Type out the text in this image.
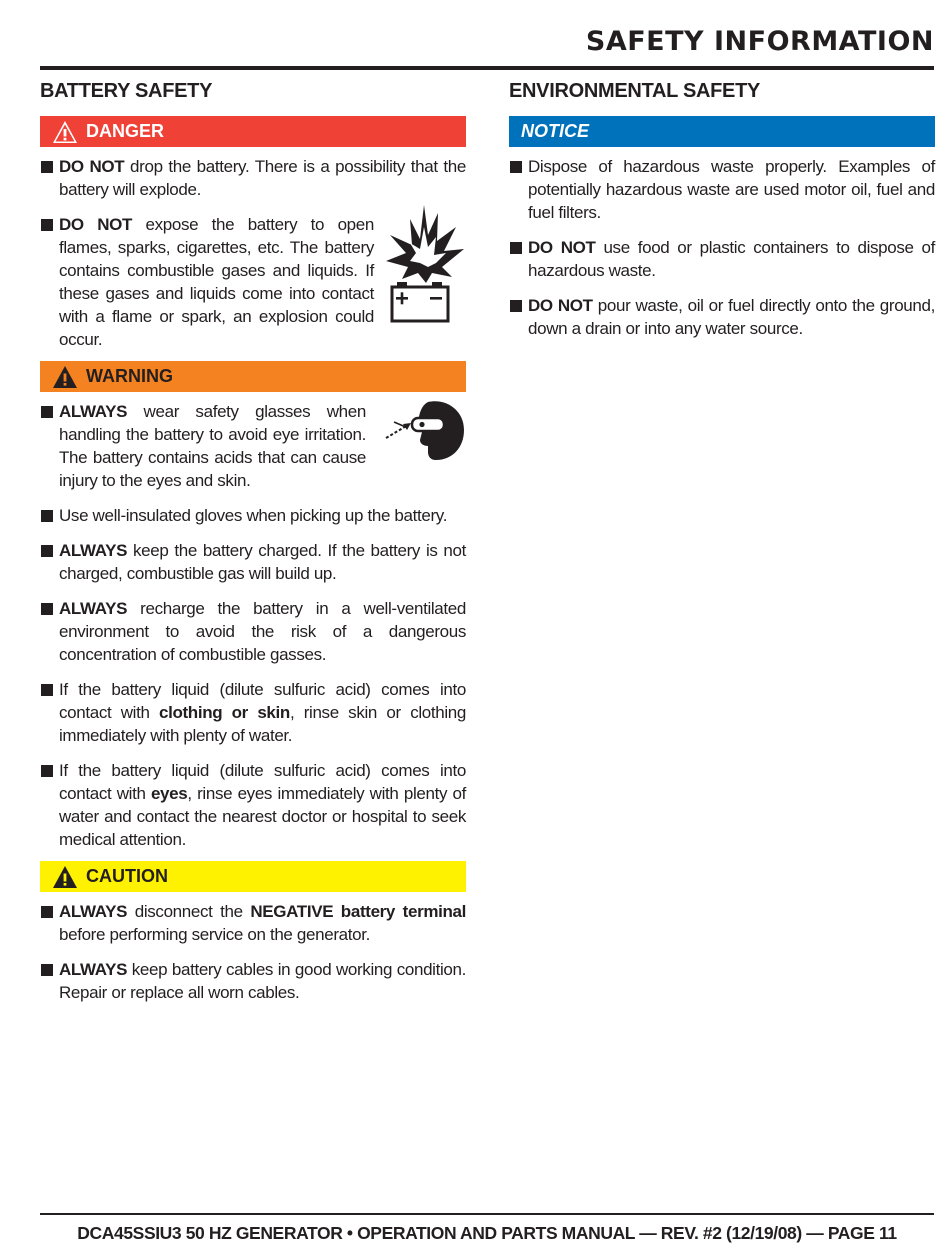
SAFETY INFORMATION
BATTERY SAFETY
DANGER
DO NOT drop the battery. There is a possibility that the battery will explode.
DO NOT expose the battery to open flames, sparks, cigarettes, etc. The battery contains combustible gases and liquids. If these gases and liquids come into contact with a flame or spark, an explosion could occur.
WARNING
ALWAYS wear safety glasses when handling the battery to avoid eye irritation. The battery contains acids that can cause injury to the eyes and skin.
Use well-insulated gloves when picking up the battery.
ALWAYS keep the battery charged. If the battery is not charged, combustible gas will build up.
ALWAYS recharge the battery in a well-ventilated environment to avoid the risk of a dangerous concentration of combustible gasses.
If the battery liquid (dilute sulfuric acid) comes into contact with clothing or skin, rinse skin or clothing immediately with plenty of water.
If the battery liquid (dilute sulfuric acid) comes into contact with eyes, rinse eyes immediately with plenty of water and contact the nearest doctor or hospital to seek medical attention.
CAUTION
ALWAYS disconnect the NEGATIVE battery terminal before performing service on the generator.
ALWAYS keep battery cables in good working condition. Repair or replace all worn cables.
ENVIRONMENTAL SAFETY
NOTICE
Dispose of hazardous waste properly. Examples of potentially hazardous waste are used motor oil, fuel and fuel filters.
DO NOT use food or plastic containers to dispose of hazardous waste.
DO NOT pour waste, oil or fuel directly onto the ground, down a drain or into any water source.
DCA45SSIU3 50 HZ GENERATOR • OPERATION AND PARTS MANUAL — REV. #2 (12/19/08) — PAGE 11
